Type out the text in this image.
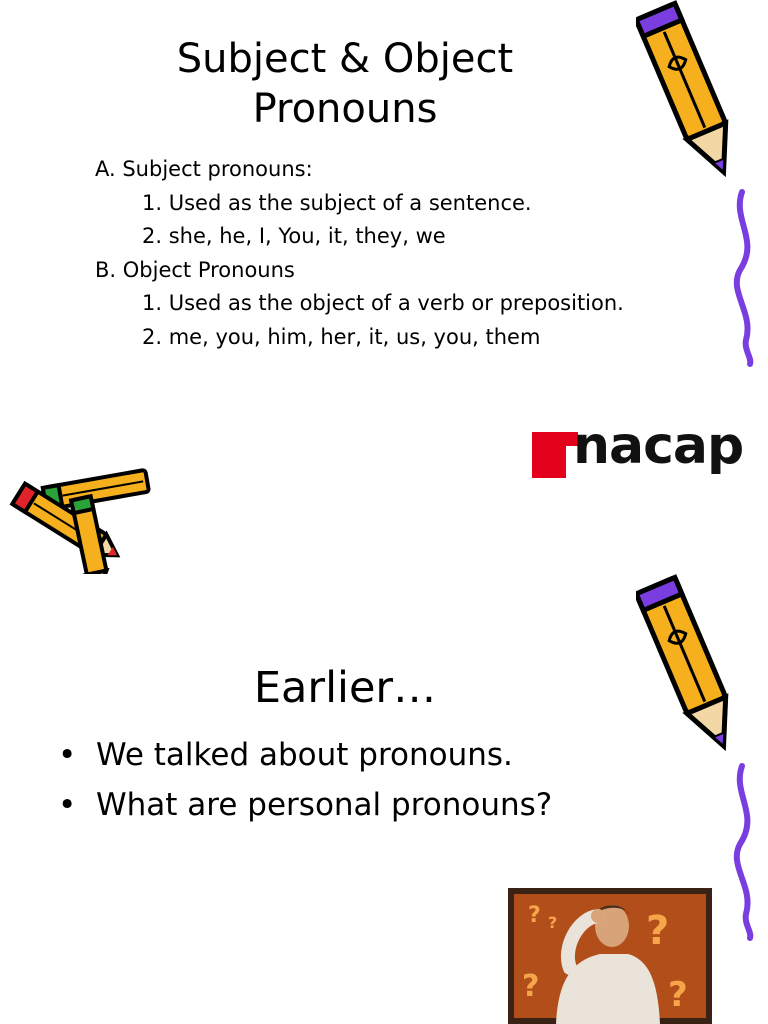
Subject & Object
Pronouns
A. Subject pronouns:
1. Used as the subject of a sentence.
2. she, he, I, You, it, they, we
B. Object Pronouns
1. Used as the object of a verb or preposition.
2. me, you, him, her, it, us, you, them
nacap
Earlier…
• We talked about pronouns.
• What are personal pronouns?
?
?
?
?
?
